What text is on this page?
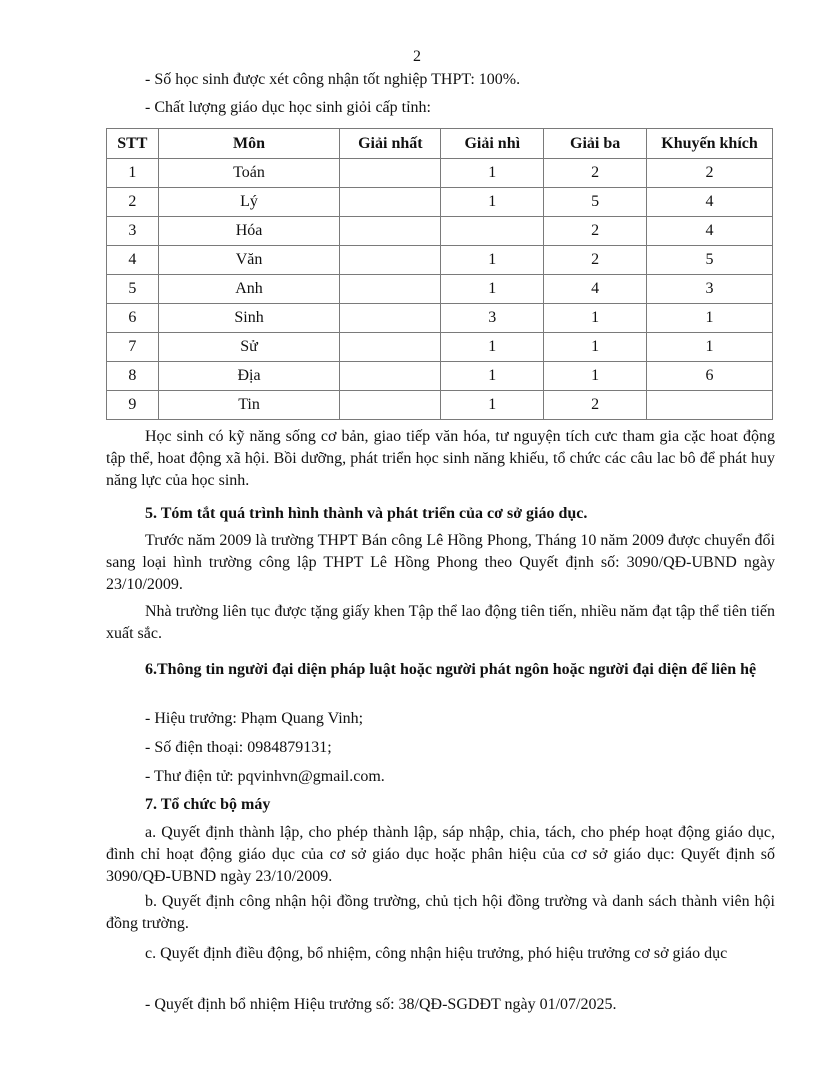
2
- Số học sinh được xét công nhận tốt nghiệp THPT: 100%.
- Chất lượng giáo dục học sinh giỏi cấp tỉnh:
STT	Môn	Giải nhất	Giải nhì	Giải ba	Khuyến khích
1	Toán		1	2	2
2	Lý		1	5	4
3	Hóa			2	4
4	Văn		1	2	5
5	Anh		1	4	3
6	Sinh		3	1	1
7	Sử		1	1	1
8	Địa		1	1	6
9	Tin		1	2	
Học sinh có kỹ năng sống cơ bản, giao tiếp văn hóa, tư nguyện tích cưc tham gia cặc hoat động tập thể, hoat động xã hội. Bồi dưỡng, phát triển học sinh năng khiếu, tổ chức các câu lac bô để phát huy năng lực của học sinh.
5. Tóm tắt quá trình hình thành và phát triển của cơ sở giáo dục.
Trước năm 2009 là trường THPT Bán công Lê Hồng Phong, Tháng 10 năm 2009 được chuyển đổi sang loại hình trường công lập THPT Lê Hồng Phong theo Quyết định số: 3090/QĐ-UBND ngày 23/10/2009.
Nhà trường liên tục được tặng giấy khen Tập thể lao động tiên tiến, nhiều năm đạt tập thể tiên tiến xuất sắc.
6.Thông tin người đại diện pháp luật hoặc người phát ngôn hoặc người đại diện để liên hệ
- Hiệu trưởng: Phạm Quang Vinh;
- Số điện thoại: 0984879131;
- Thư điện tử: pqvinhvn@gmail.com.
7. Tổ chức bộ máy
a. Quyết định thành lập, cho phép thành lập, sáp nhập, chia, tách, cho phép hoạt động giáo dục, đình chỉ hoạt động giáo dục của cơ sở giáo dục hoặc phân hiệu của cơ sở giáo dục: Quyết định số 3090/QĐ-UBND ngày 23/10/2009.
b. Quyết định công nhận hội đồng trường, chủ tịch hội đồng trường và danh sách thành viên hội đồng trường.
c. Quyết định điều động, bổ nhiệm, công nhận hiệu trưởng, phó hiệu trưởng cơ sở giáo dục
- Quyết định bổ nhiệm Hiệu trưởng số: 38/QĐ-SGDĐT ngày 01/07/2025.
